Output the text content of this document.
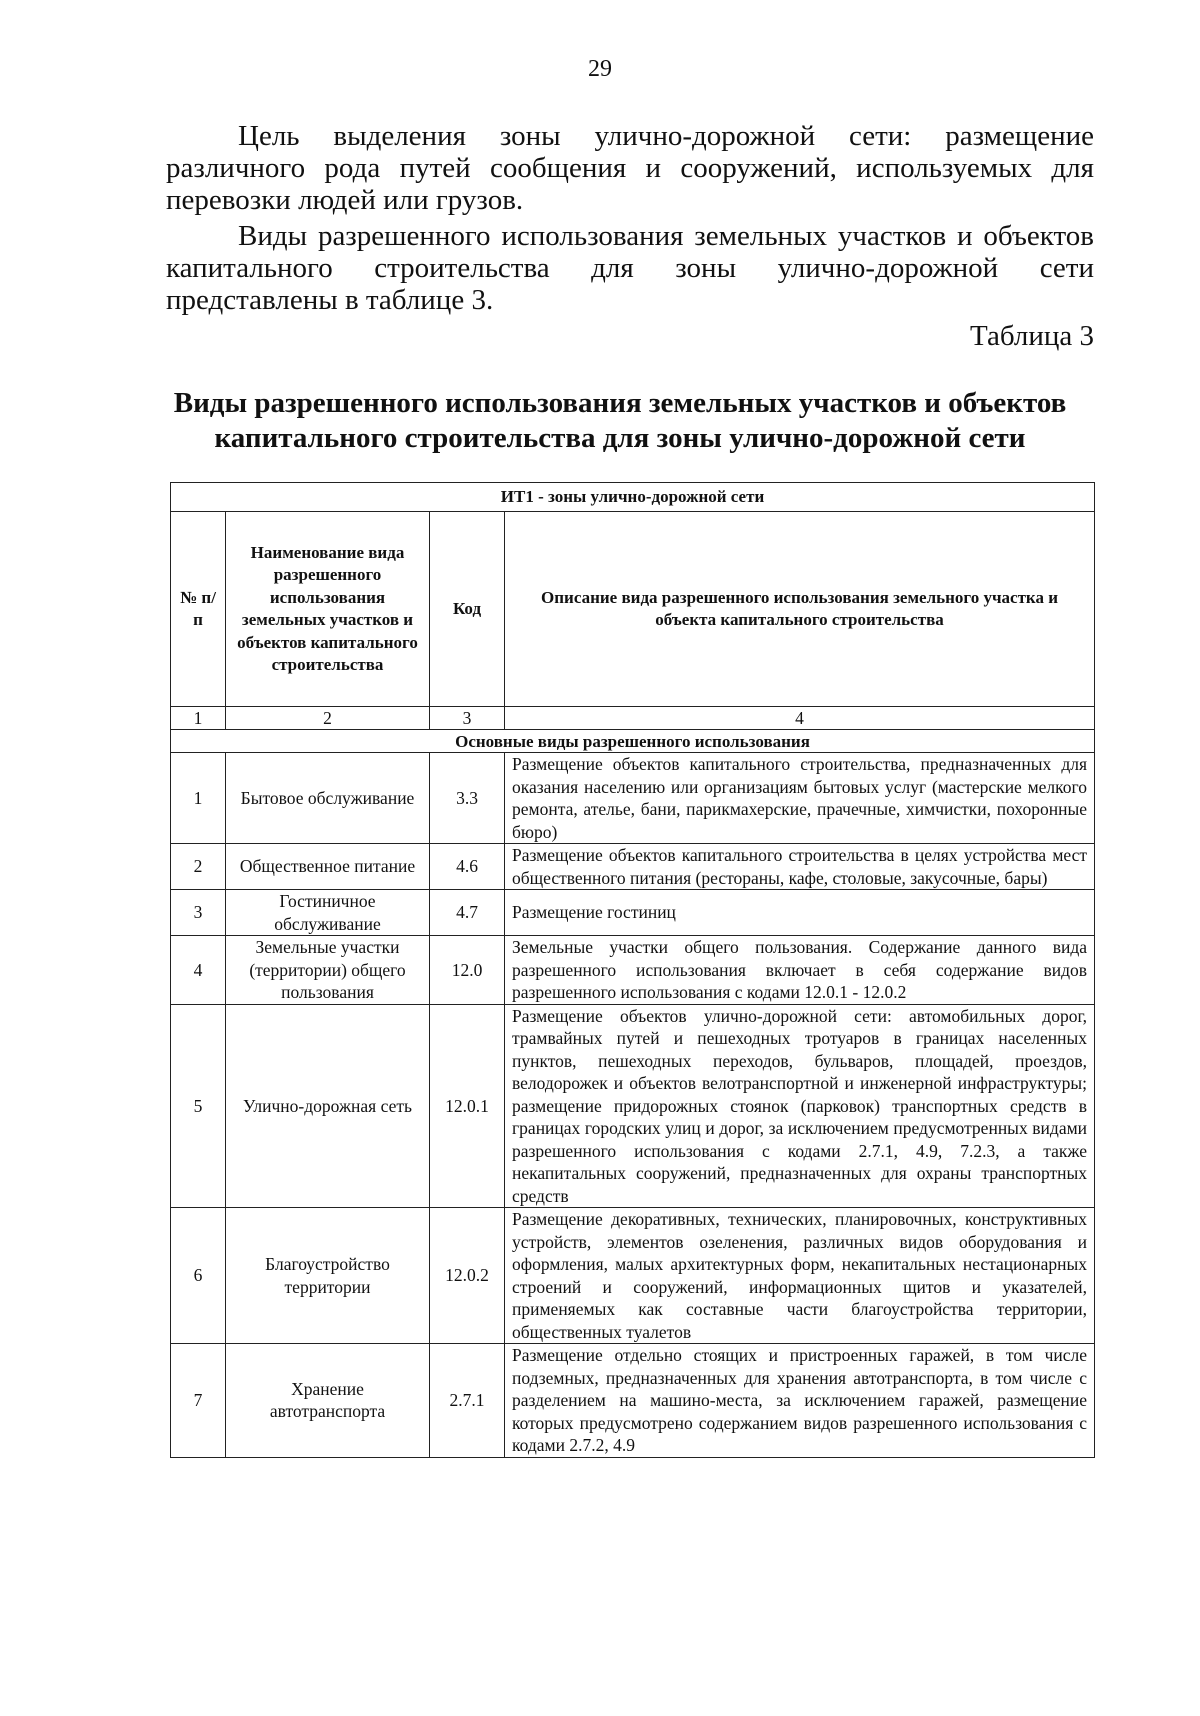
29

Цель выделения зоны улично-дорожной сети: размещение различного рода путей сообщения и сооружений, используемых для перевозки людей или грузов.

Виды разрешенного использования земельных участков и объектов капитального строительства для зоны улично-дорожной сети представлены в таблице 3.

Таблица 3
Виды разрешенного использования земельных участков и объектов
капитального строительства для зоны улично-дорожной сети
ИТ1 - зоны улично-дорожной сети			
№ п/п	Наименование вида разрешенного использования земельных участков и объектов капитального строительства	Код	Описание вида разрешенного использования земельного участка и объекта капитального строительства
1	2	3	4
Основные виды разрешенного использования			
1	Бытовое обслуживание	3.3	Размещение объектов капитального строительства, предназначенных для оказания населению или организациям бытовых услуг (мастерские мелкого ремонта, ателье, бани, парикмахерские, прачечные, химчистки, похоронные бюро)
2	Общественное питание	4.6	Размещение объектов капитального строительства в целях устройства мест общественного питания (рестораны, кафе, столовые, закусочные, бары)
3	Гостиничное обслуживание	4.7	Размещение гостиниц
4	Земельные участки (территории) общего пользования	12.0	Земельные участки общего пользования. Содержание данного вида разрешенного использования включает в себя содержание видов разрешенного использования с кодами 12.0.1 - 12.0.2
5	Улично-дорожная сеть	12.0.1	Размещение объектов улично-дорожной сети: автомобильных дорог, трамвайных путей и пешеходных тротуаров в границах населенных пунктов, пешеходных переходов, бульваров, площадей, проездов, велодорожек и объектов велотранспортной и инженерной инфраструктуры; размещение придорожных стоянок (парковок) транспортных средств в границах городских улиц и дорог, за исключением предусмотренных видами разрешенного использования с кодами 2.7.1, 4.9, 7.2.3, а также некапитальных сооружений, предназначенных для охраны транспортных средств
6	Благоустройство территории	12.0.2	Размещение декоративных, технических, планировочных, конструктивных устройств, элементов озеленения, различных видов оборудования и оформления, малых архитектурных форм, некапитальных нестационарных строений и сооружений, информационных щитов и указателей, применяемых как составные части благоустройства территории, общественных туалетов
7	Хранение автотранспорта	2.7.1	Размещение отдельно стоящих и пристроенных гаражей, в том числе подземных, предназначенных для хранения автотранспорта, в том числе с разделением на машино-места, за исключением гаражей, размещение которых предусмотрено содержанием видов разрешенного использования с кодами 2.7.2, 4.9
